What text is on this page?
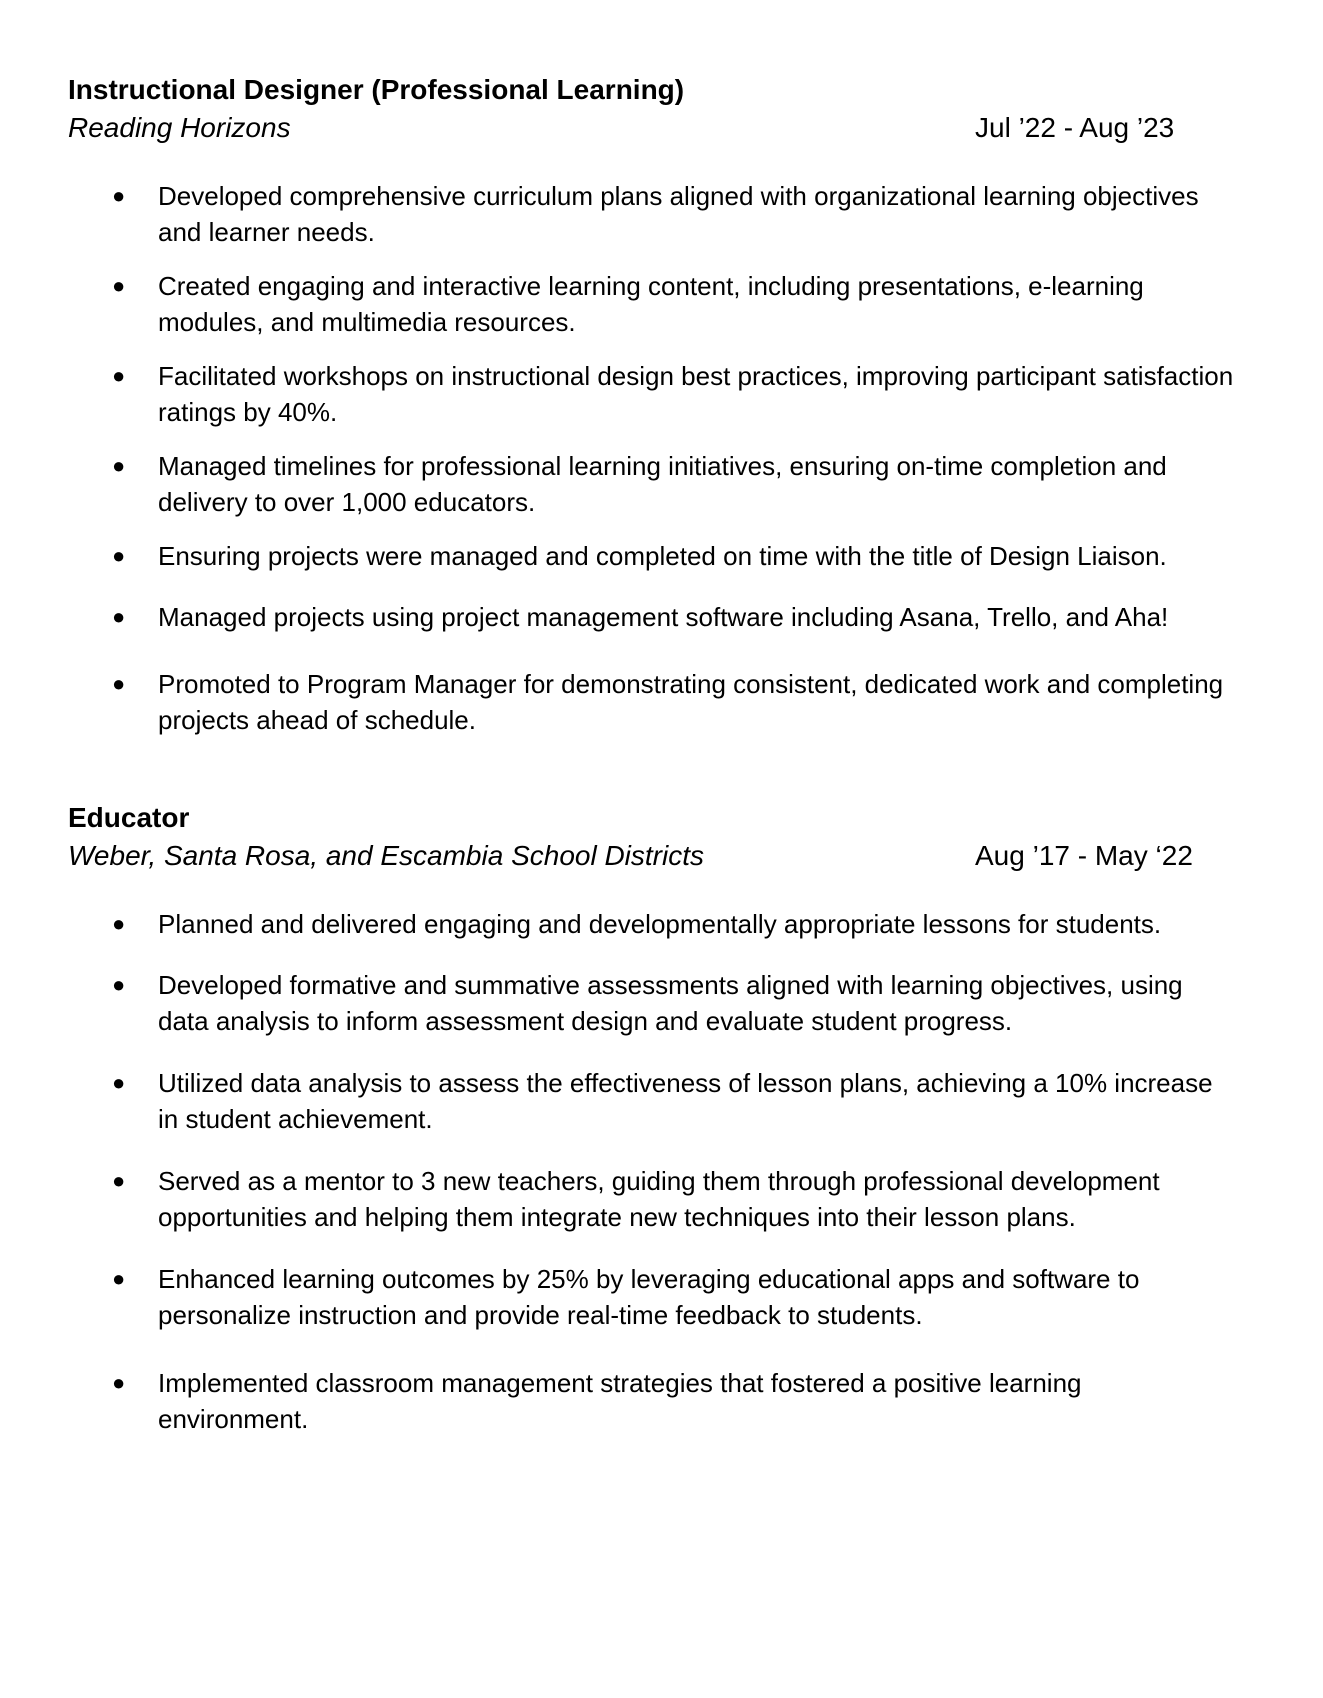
Instructional Designer (Professional Learning)
Reading Horizons	Jul ’22 - Aug ’23
● Developed comprehensive curriculum plans aligned with organizational learning objectives and learner needs.
● Created engaging and interactive learning content, including presentations, e-learning modules, and multimedia resources.
● Facilitated workshops on instructional design best practices, improving participant satisfaction ratings by 40%.
● Managed timelines for professional learning initiatives, ensuring on-time completion and delivery to over 1,000 educators.
● Ensuring projects were managed and completed on time with the title of Design Liaison.
● Managed projects using project management software including Asana, Trello, and Aha!
● Promoted to Program Manager for demonstrating consistent, dedicated work and completing projects ahead of schedule.
Educator
Weber, Santa Rosa, and Escambia School Districts	Aug ’17 - May ‘22
● Planned and delivered engaging and developmentally appropriate lessons for students.
● Developed formative and summative assessments aligned with learning objectives, using data analysis to inform assessment design and evaluate student progress.
● Utilized data analysis to assess the effectiveness of lesson plans, achieving a 10% increase in student achievement.
● Served as a mentor to 3 new teachers, guiding them through professional development opportunities and helping them integrate new techniques into their lesson plans.
● Enhanced learning outcomes by 25% by leveraging educational apps and software to personalize instruction and provide real-time feedback to students.
● Implemented classroom management strategies that fostered a positive learning environment.
